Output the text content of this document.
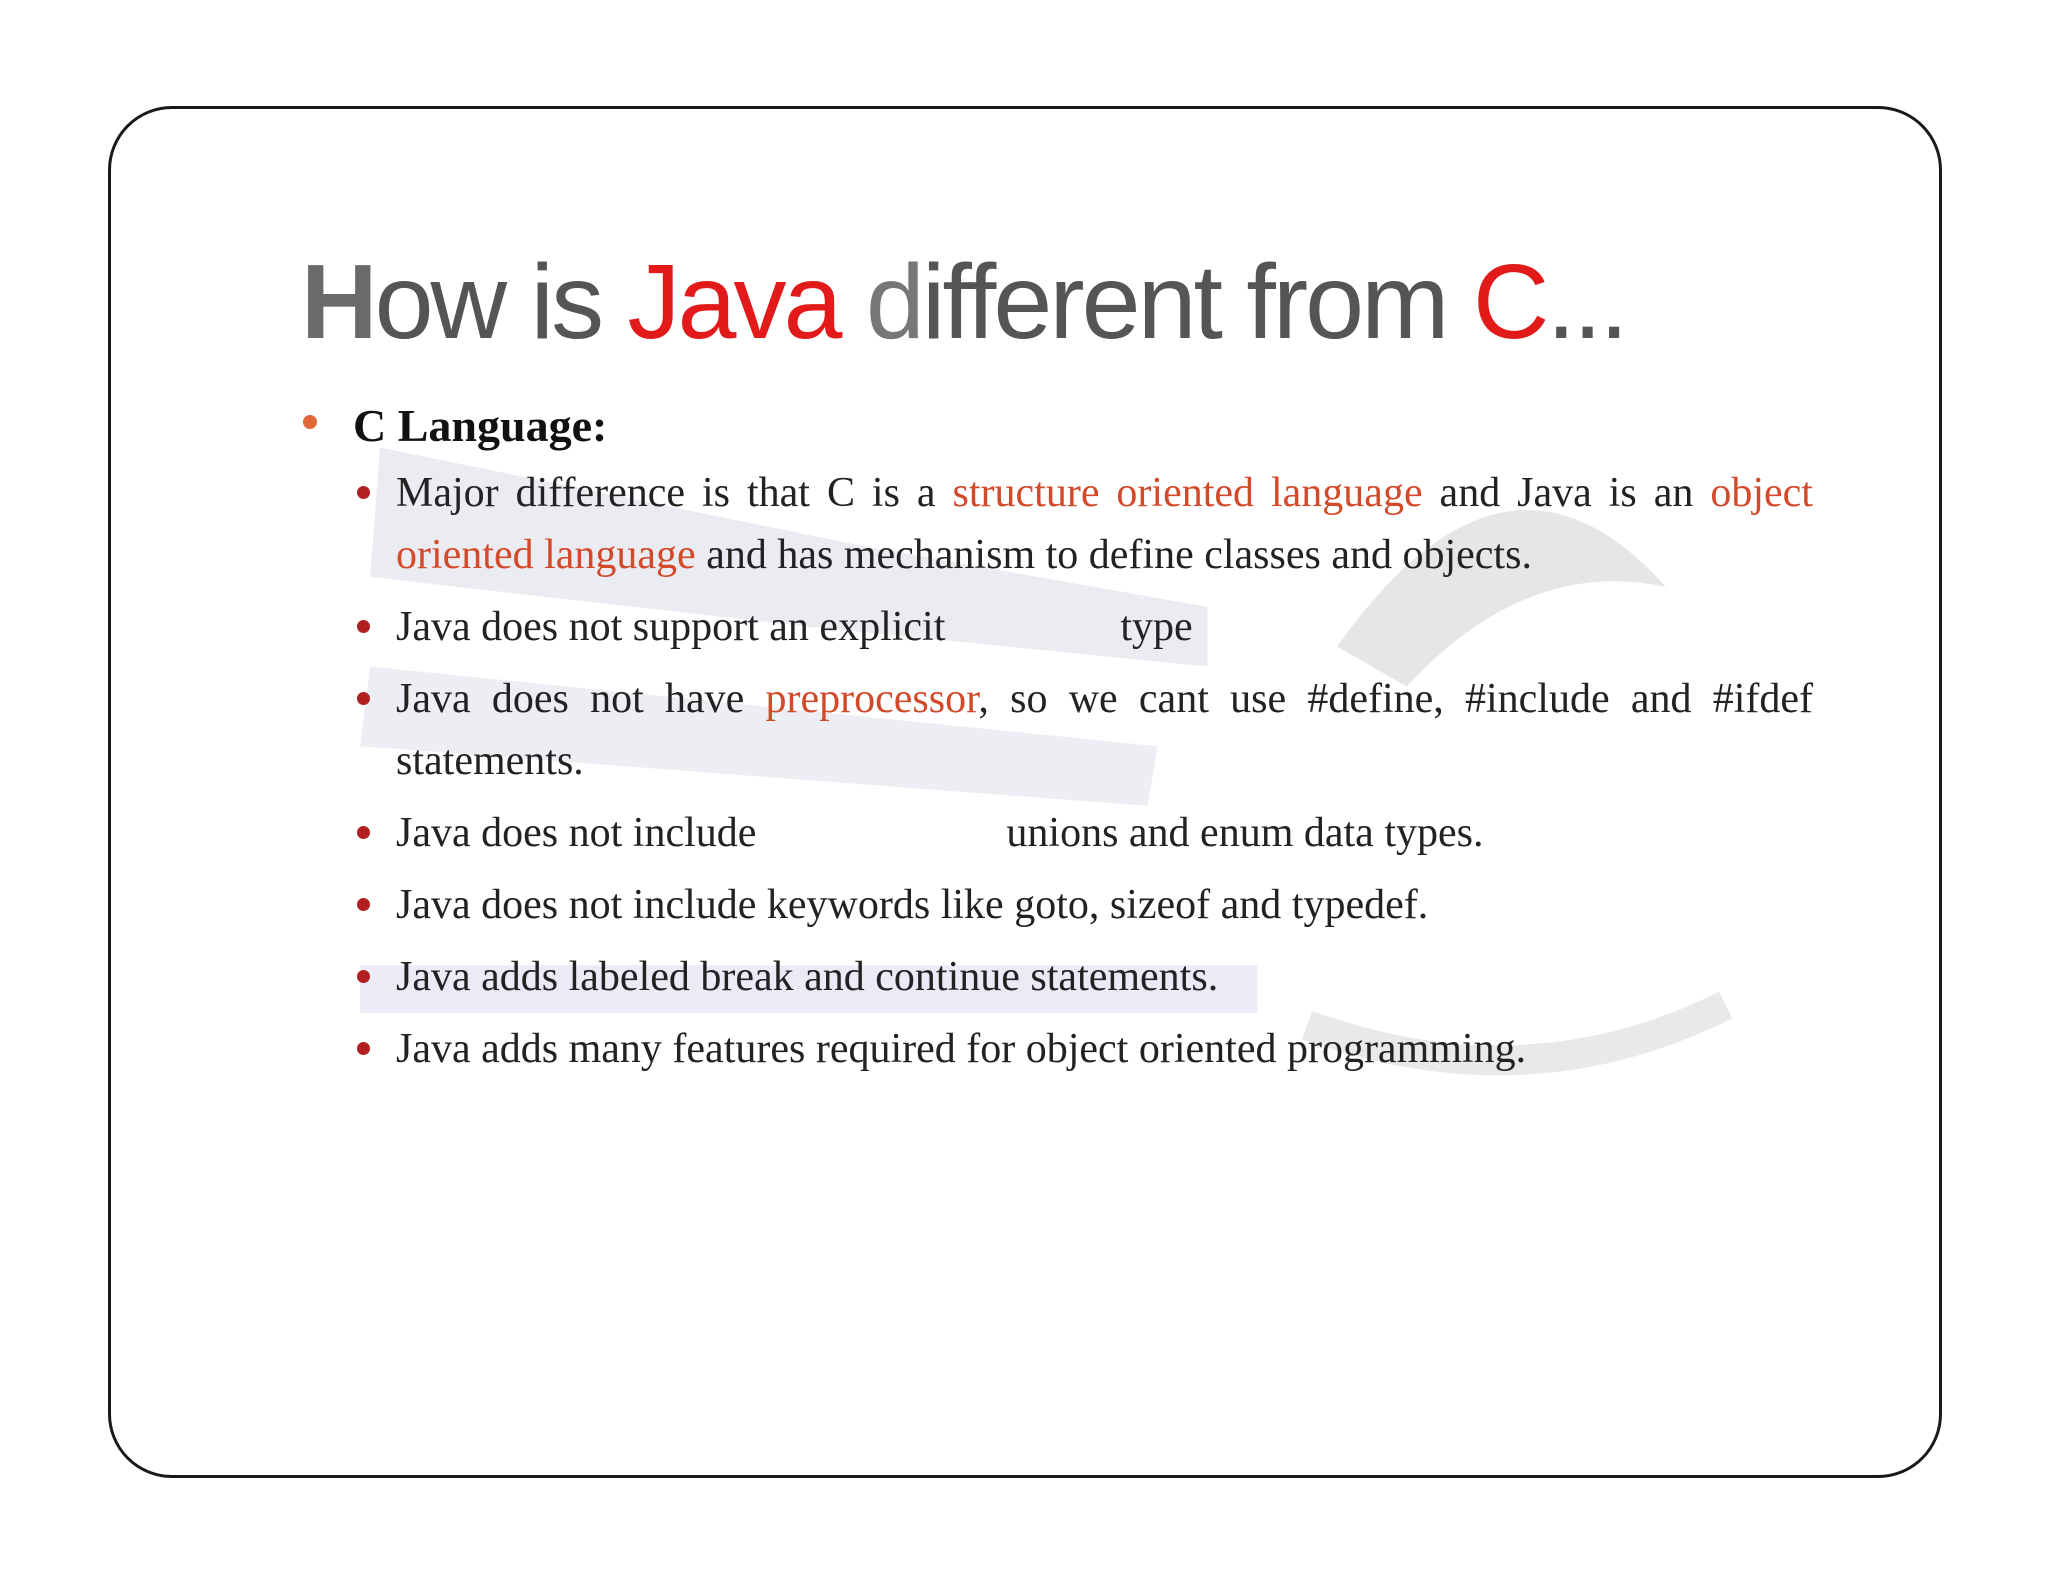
How is Java different from C...
C Language:
Major difference is that C is a structure oriented language and Java is an object oriented language and has mechanism to define classes and objects.
Java does not support an explicit	type
Java does not have preprocessor, so we cant use #define, #include and #ifdef statements.
Java does not include	unions and enum data types.
Java does not include keywords like goto, sizeof and typedef.
Java adds labeled break and continue statements.
Java adds many features required for object oriented programming.
